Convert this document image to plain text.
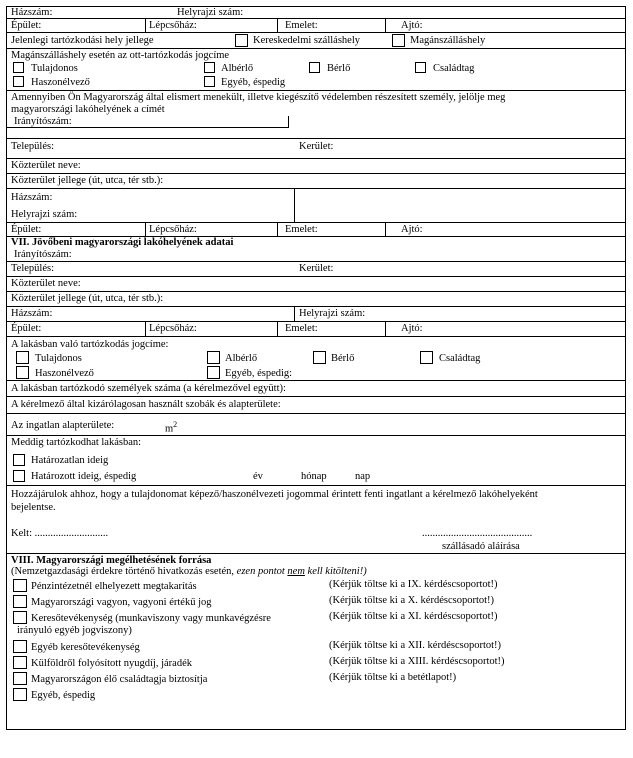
Házszám:	Helyrajzi szám:
Épület:	Lépcsőház:	Emelet:	Ajtó:
Jelenlegi tartózkodási hely jellege	Kereskedelmi szálláshely	Magánszálláshely
Magánszálláshely esetén az ott-tartózkodás jogcíme
Tulajdonos	Albérlő	Bérlő	Családtag
Haszonélvező	Egyéb, éspedig
Amennyiben Ön Magyarország által elismert menekült, illetve kiegészítő védelemben részesített személy, jelölje meg
magyarországi lakóhelyének a címét
Irányítószám:
Település:	Kerület:
Közterület neve:
Közterület jellege (út, utca, tér stb.):
Házszám:
Helyrajzi szám:
Épület:	Lépcsőház:	Emelet:	Ajtó:
VII. Jövőbeni magyarországi lakóhelyének adatai
Irányítószám:
Település:	Kerület:
Közterület neve:
Közterület jellege (út, utca, tér stb.):
Házszám:	Helyrajzi szám:
Épület:	Lépcsőház:	Emelet:	Ajtó:
A lakásban való tartózkodás jogcíme:
Tulajdonos	Albérlő	Bérlő	Családtag
Haszonélvező	Egyéb, éspedig:
A lakásban tartózkodó személyek száma (a kérelmezővel együtt):
A kérelmező által kizárólagosan használt szobák és alapterülete:
Az ingatlan alapterülete:	$m^2$
Meddig tartózkodhat lakásban:
Határozatlan ideig
Határozott ideig, éspedig	év	hónap	nap
Hozzájárulok ahhoz, hogy a tulajdonomat képező/haszonélvezeti jogommal érintett fenti ingatlant a kérelmező lakóhelyeként
bejelentse.
Kelt: ............................	..........................................
szállásadó aláírása
VIII. Magyarországi megélhetésének forrása
(Nemzetgazdasági érdekre történő hivatkozás esetén, ezen pontot nem kell kitölteni!)
Pénzintézetnél elhelyezett megtakarítás	(Kérjük töltse ki a IX. kérdéscsoportot!)
Magyarországi vagyon, vagyoni értékű jog	(Kérjük töltse ki a X. kérdéscsoportot!)
Keresőtevékenység (munkaviszony vagy munkavégzésre
irányuló egyéb jogviszony)
(Kérjük töltse ki a XI. kérdéscsoportot!)
Egyéb keresőtevékenység	(Kérjük töltse ki a XII. kérdéscsoportot!)
Külföldről folyósított nyugdíj, járadék	(Kérjük töltse ki a XIII. kérdéscsoportot!)
Magyarországon élő családtagja biztosítja	(Kérjük töltse ki a betétlapot!)
Egyéb, éspedig
